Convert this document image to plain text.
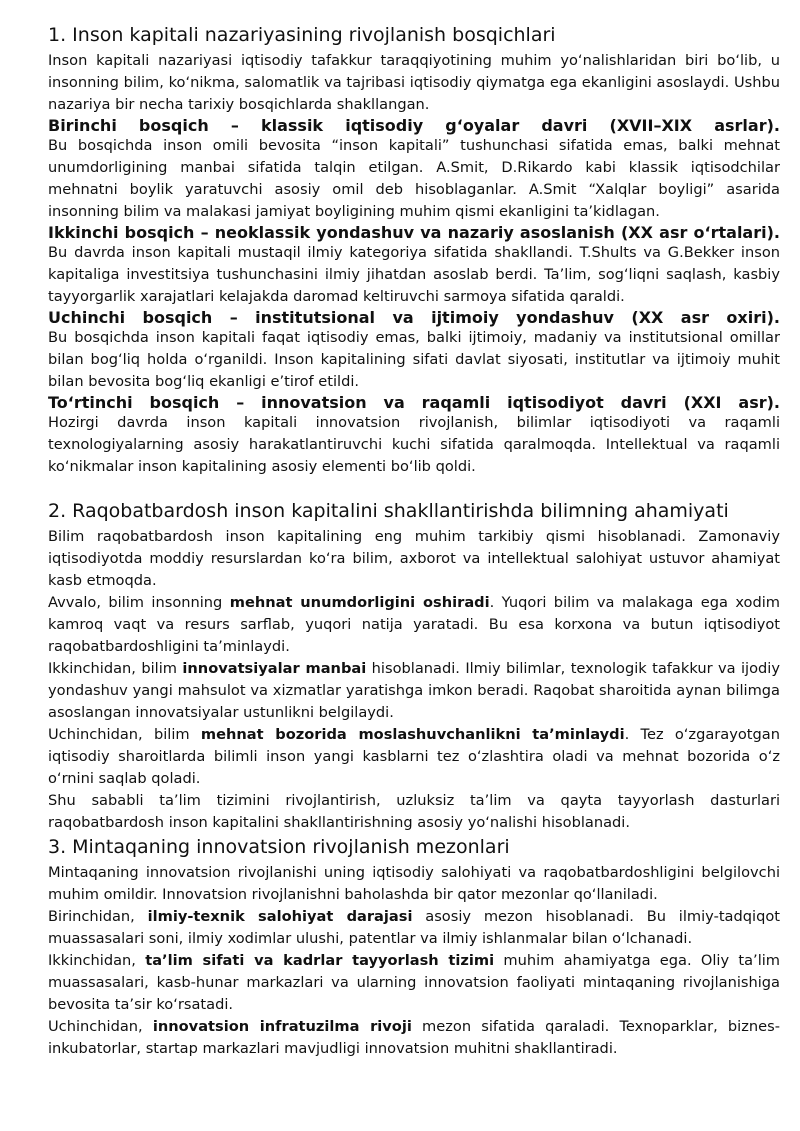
1. Inson kapitali nazariyasining rivojlanish bosqichlari

Inson kapitali nazariyasi iqtisodiy tafakkur taraqqiyotining muhim yo‘nalishlaridan biri bo‘lib, u insonning bilim, ko‘nikma, salomatlik va tajribasi iqtisodiy qiymatga ega ekanligini asoslaydi. Ushbu nazariya bir necha tarixiy bosqichlarda shakllangan.

Birinchi bosqich – klassik iqtisodiy g‘oyalar davri (XVII–XIX asrlar).

Bu bosqichda inson omili bevosita “inson kapitali” tushunchasi sifatida emas, balki mehnat unumdorligining manbai sifatida talqin etilgan. A.Smit, D.Rikardo kabi klassik iqtisodchilar mehnatni boylik yaratuvchi asosiy omil deb hisoblaganlar. A.Smit “Xalqlar boyligi” asarida insonning bilim va malakasi jamiyat boyligining muhim qismi ekanligini ta’kidlagan.

Ikkinchi bosqich – neoklassik yondashuv va nazariy asoslanish (XX asr o‘rtalari).

Bu davrda inson kapitali mustaqil ilmiy kategoriya sifatida shakllandi. T.Shults va G.Bekker inson kapitaliga investitsiya tushunchasini ilmiy jihatdan asoslab berdi. Ta’lim, sog‘liqni saqlash, kasbiy tayyorgarlik xarajatlari kelajakda daromad keltiruvchi sarmoya sifatida qaraldi.

Uchinchi bosqich – institutsional va ijtimoiy yondashuv (XX asr oxiri).

Bu bosqichda inson kapitali faqat iqtisodiy emas, balki ijtimoiy, madaniy va institutsional omillar bilan bog‘liq holda o‘rganildi. Inson kapitalining sifati davlat siyosati, institutlar va ijtimoiy muhit bilan bevosita bog‘liq ekanligi e’tirof etildi.

To‘rtinchi bosqich – innovatsion va raqamli iqtisodiyot davri (XXI asr).

Hozirgi davrda inson kapitali innovatsion rivojlanish, bilimlar iqtisodiyoti va raqamli texnologiyalarning asosiy harakatlantiruvchi kuchi sifatida qaralmoqda. Intellektual va raqamli ko‘nikmalar inson kapitalining asosiy elementi bo‘lib qoldi.

2. Raqobatbardosh inson kapitalini shakllantirishda bilimning ahamiyati

Bilim raqobatbardosh inson kapitalining eng muhim tarkibiy qismi hisoblanadi. Zamonaviy iqtisodiyotda moddiy resurslardan ko‘ra bilim, axborot va intellektual salohiyat ustuvor ahamiyat kasb etmoqda.

Avvalo, bilim insonning mehnat unumdorligini oshiradi. Yuqori bilim va malakaga ega xodim kamroq vaqt va resurs sarflab, yuqori natija yaratadi. Bu esa korxona va butun iqtisodiyot raqobatbardoshligini ta’minlaydi.

Ikkinchidan, bilim innovatsiyalar manbai hisoblanadi. Ilmiy bilimlar, texnologik tafakkur va ijodiy yondashuv yangi mahsulot va xizmatlar yaratishga imkon beradi. Raqobat sharoitida aynan bilimga asoslangan innovatsiyalar ustunlikni belgilaydi.

Uchinchidan, bilim mehnat bozorida moslashuvchanlikni ta’minlaydi. Tez o‘zgarayotgan iqtisodiy sharoitlarda bilimli inson yangi kasblarni tez o‘zlashtira oladi va mehnat bozorida o‘z o‘rnini saqlab qoladi.

Shu sababli ta’lim tizimini rivojlantirish, uzluksiz ta’lim va qayta tayyorlash dasturlari raqobatbardosh inson kapitalini shakllantirishning asosiy yo‘nalishi hisoblanadi.

3. Mintaqaning innovatsion rivojlanish mezonlari

Mintaqaning innovatsion rivojlanishi uning iqtisodiy salohiyati va raqobatbardoshligini belgilovchi muhim omildir. Innovatsion rivojlanishni baholashda bir qator mezonlar qo‘llaniladi.

Birinchidan, ilmiy-texnik salohiyat darajasi asosiy mezon hisoblanadi. Bu ilmiy-tadqiqot muassasalari soni, ilmiy xodimlar ulushi, patentlar va ilmiy ishlanmalar bilan o‘lchanadi.

Ikkinchidan, ta’lim sifati va kadrlar tayyorlash tizimi muhim ahamiyatga ega. Oliy ta’lim muassasalari, kasb-hunar markazlari va ularning innovatsion faoliyati mintaqaning rivojlanishiga bevosita ta’sir ko‘rsatadi.

Uchinchidan, innovatsion infratuzilma rivoji mezon sifatida qaraladi. Texnoparklar, biznes-inkubatorlar, startap markazlari mavjudligi innovatsion muhitni shakllantiradi.
